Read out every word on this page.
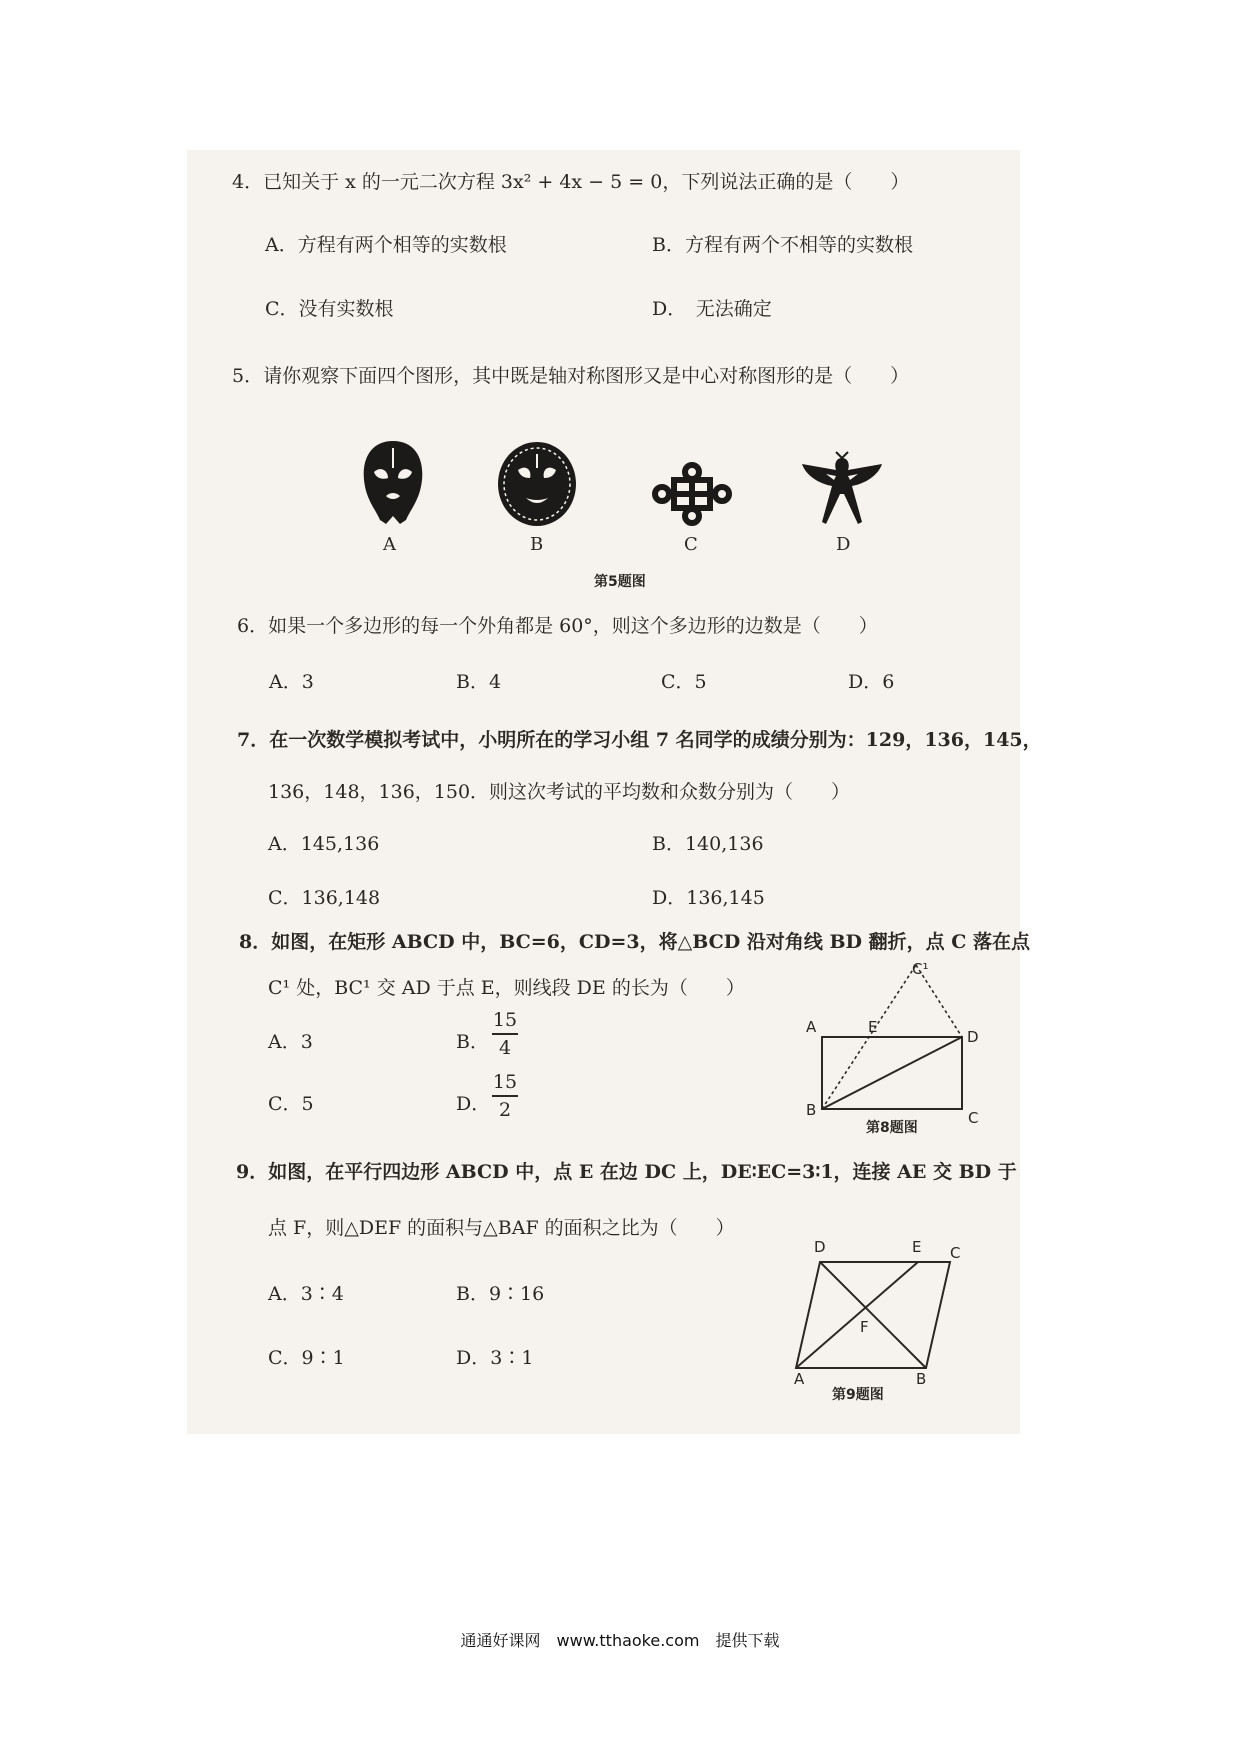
4．已知关于 x 的一元二次方程 3x² + 4x − 5 = 0，下列说法正确的是（　　）
A．方程有两个相等的实数根	B．方程有两个不相等的实数根
C．没有实数根	D．　无法确定
5．请你观察下面四个图形，其中既是轴对称图形又是中心对称图形的是（　　）
A	B	C	D
第5题图
6．如果一个多边形的每一个外角都是 60°，则这个多边形的边数是（　　）
A．3	B．4	C．5	D．6
7．在一次数学模拟考试中，小明所在的学习小组 7 名同学的成绩分别为：129，136，145，
136，148，136，150．则这次考试的平均数和众数分别为（　　）
A．145,136	B．140,136
C．136,148	D．136,145
8．如图，在矩形 ABCD 中，BC=6，CD=3，将△BCD 沿对角线 BD 翻折，点 C 落在点
C¹ 处，BC¹ 交 AD 于点 E，则线段 DE 的长为（　　）
A．3	B． $\frac{15}{4}$
C．5	D． $\frac{15}{2}$
A	E
C¹
D
B	C
第8题图
9．如图，在平行四边形 ABCD 中，点 E 在边 DC 上，DE∶EC=3∶1，连接 AE 交 BD 于
点 F，则△DEF 的面积与△BAF 的面积之比为（　　）
A．3∶4	B．9∶16
C．9∶1	D．3∶1
D	E C
F
A	B
第9题图
通通好课网　www.tthaoke.com　提供下载
